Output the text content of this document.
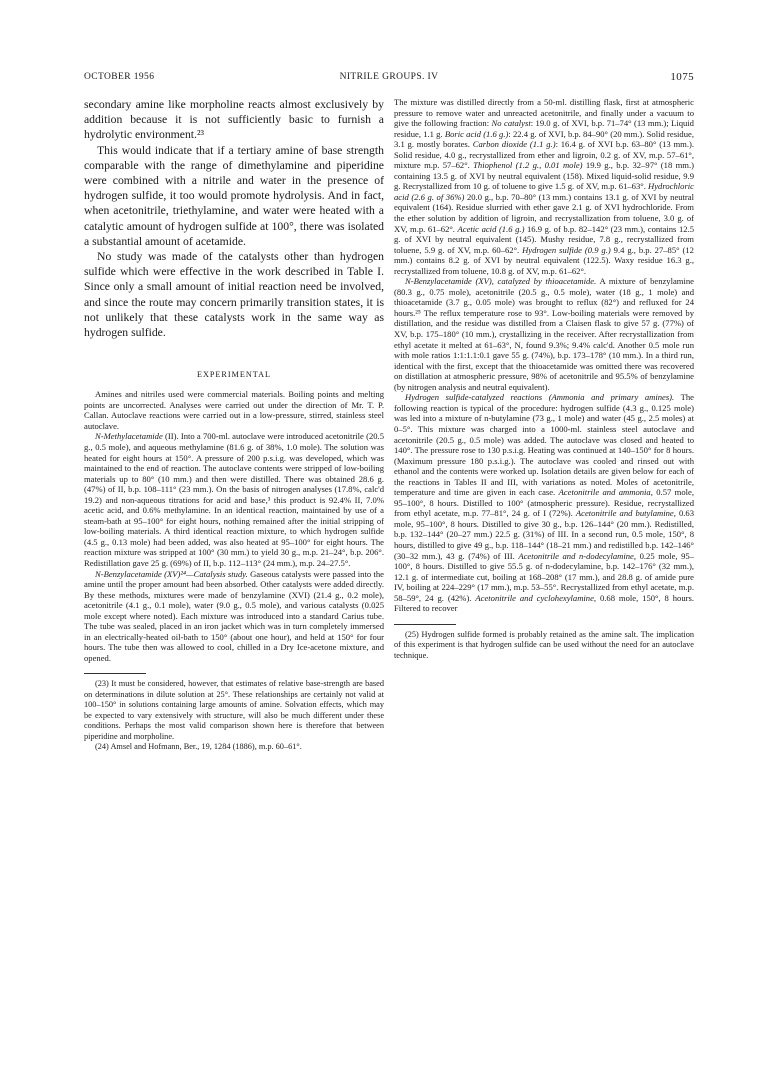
OCTOBER 1956	NITRILE GROUPS. IV	1075

secondary amine like morpholine reacts almost exclusively by addition because it is not sufficiently basic to furnish a hydrolytic environment.²³

This would indicate that if a tertiary amine of base strength comparable with the range of dimethylamine and piperidine were combined with a nitrile and water in the presence of hydrogen sulfide, it too would promote hydrolysis. And in fact, when acetonitrile, triethylamine, and water were heated with a catalytic amount of hydrogen sulfide at 100°, there was isolated a substantial amount of acetamide.

No study was made of the catalysts other than hydrogen sulfide which were effective in the work described in Table I. Since only a small amount of initial reaction need be involved, and since the route may concern primarily transition states, it is not unlikely that these catalysts work in the same way as hydrogen sulfide.

EXPERIMENTAL

Amines and nitriles used were commercial materials. Boiling points and melting points are uncorrected. Analyses were carried out under the direction of Mr. T. P. Callan. Autoclave reactions were carried out in a low-pressure, stirred, stainless steel autoclave.

N-Methylacetamide (II). Into a 700-ml. autoclave were introduced acetonitrile (20.5 g., 0.5 mole), and aqueous methylamine (81.6 g. of 38%, 1.0 mole). The solution was heated for eight hours at 150°. A pressure of 200 p.s.i.g. was developed, which was maintained to the end of reaction. The autoclave contents were stripped of low-boiling materials up to 80° (10 mm.) and then were distilled. There was obtained 28.6 g. (47%) of II, b.p. 108–111° (23 mm.). On the basis of nitrogen analyses (17.8%, calc'd 19.2) and non-aqueous titrations for acid and base,³ this product is 92.4% II, 7.0% acetic acid, and 0.6% methylamine. In an identical reaction, maintained by use of a steam-bath at 95–100° for eight hours, nothing remained after the initial stripping of low-boiling materials. A third identical reaction mixture, to which hydrogen sulfide (4.5 g., 0.13 mole) had been added, was also heated at 95–100° for eight hours. The reaction mixture was stripped at 100° (30 mm.) to yield 30 g., m.p. 21–24°, b.p. 206°. Redistillation gave 25 g. (69%) of II, b.p. 112–113° (24 mm.), m.p. 24–27.5°.

N-Benzylacetamide (XV)²⁴—Catalysis study. Gaseous catalysts were passed into the amine until the proper amount had been absorbed. Other catalysts were added directly. By these methods, mixtures were made of benzylamine (XVI) (21.4 g., 0.2 mole), acetonitrile (4.1 g., 0.1 mole), water (9.0 g., 0.5 mole), and various catalysts (0.025 mole except where noted). Each mixture was introduced into a standard Carius tube. The tube was sealed, placed in an iron jacket which was in turn completely immersed in an electrically-heated oil-bath to 150° (about one hour), and held at 150° for four hours. The tube then was allowed to cool, chilled in a Dry Ice-acetone mixture, and opened.

(23) It must be considered, however, that estimates of relative base-strength are based on determinations in dilute solution at 25°. These relationships are certainly not valid at 100–150° in solutions containing large amounts of amine. Solvation effects, which may be expected to vary extensively with structure, will also be much different under these conditions. Perhaps the most valid comparison shown here is therefore that between piperidine and morpholine.

(24) Amsel and Hofmann, Ber., 19, 1284 (1886), m.p. 60–61°.

The mixture was distilled directly from a 50-ml. distilling flask, first at atmospheric pressure to remove water and unreacted acetonitrile, and finally under a vacuum to give the following fraction: No catalyst: 19.0 g. of XVI, b.p. 71–74° (13 mm.); Liquid residue, 1.1 g. Boric acid (1.6 g.): 22.4 g. of XVI, b.p. 84–90° (20 mm.). Solid residue, 3.1 g. mostly borates. Carbon dioxide (1.1 g.): 16.4 g. of XVI b.p. 63–80° (13 mm.). Solid residue, 4.0 g., recrystallized from ether and ligroin, 0.2 g. of XV, m.p. 57–61°, mixture m.p. 57–62°. Thiophenol (1.2 g., 0.01 mole) 19.9 g., b.p. 32–97° (18 mm.) containing 13.5 g. of XVI by neutral equivalent (158). Mixed liquid-solid residue, 9.9 g. Recrystallized from 10 g. of toluene to give 1.5 g. of XV, m.p. 61–63°. Hydrochloric acid (2.6 g. of 36%) 20.0 g., b.p. 70–80° (13 mm.) contains 13.1 g. of XVI by neutral equivalent (164). Residue slurried with ether gave 2.1 g. of XVI hydrochloride. From the ether solution by addition of ligroin, and recrystallization from toluene, 3.0 g. of XV, m.p. 61–62°. Acetic acid (1.6 g.) 16.9 g. of b.p. 82–142° (23 mm.), contains 12.5 g. of XVI by neutral equivalent (145). Mushy residue, 7.8 g., recrystallized from toluene, 5.9 g. of XV, m.p. 60–62°. Hydrogen sulfide (0.9 g.) 9.4 g., b.p. 27–85° (12 mm.) contains 8.2 g. of XVI by neutral equivalent (122.5). Waxy residue 16.3 g., recrystallized from toluene, 10.8 g. of XV, m.p. 61–62°.

N-Benzylacetamide (XV), catalyzed by thioacetamide. A mixture of benzylamine (80.3 g., 0.75 mole), acetonitrile (20.5 g., 0.5 mole), water (18 g., 1 mole) and thioacetamide (3.7 g., 0.05 mole) was brought to reflux (82°) and refluxed for 24 hours.²⁵ The reflux temperature rose to 93°. Low-boiling materials were removed by distillation, and the residue was distilled from a Claisen flask to give 57 g. (77%) of XV, b.p. 175–180° (10 mm.), crystallizing in the receiver. After recrystallization from ethyl acetate it melted at 61–63°, N, found 9.3%; 9.4% calc'd. Another 0.5 mole run with mole ratios 1:1:1.1:0.1 gave 55 g. (74%), b.p. 173–178° (10 mm.). In a third run, identical with the first, except that the thioacetamide was omitted there was recovered on distillation at atmospheric pressure, 98% of acetonitrile and 95.5% of benzylamine (by nitrogen analysis and neutral equivalent).

Hydrogen sulfide-catalyzed reactions (Ammonia and primary amines). The following reaction is typical of the procedure: hydrogen sulfide (4.3 g., 0.125 mole) was led into a mixture of n-butylamine (73 g., 1 mole) and water (45 g., 2.5 moles) at 0–5°. This mixture was charged into a 1000-ml. stainless steel autoclave and acetonitrile (20.5 g., 0.5 mole) was added. The autoclave was closed and heated to 140°. The pressure rose to 130 p.s.i.g. Heating was continued at 140–150° for 8 hours. (Maximum pressure 180 p.s.i.g.). The autoclave was cooled and rinsed out with ethanol and the contents were worked up. Isolation details are given below for each of the reactions in Tables II and III, with variations as noted. Moles of acetonitrile, temperature and time are given in each case. Acetonitrile and ammonia, 0.57 mole, 95–100°, 8 hours. Distilled to 100° (atmospheric pressure). Residue, recrystallized from ethyl acetate, m.p. 77–81°, 24 g. of I (72%). Acetonitrile and butylamine, 0.63 mole, 95–100°, 8 hours. Distilled to give 30 g., b.p. 126–144° (20 mm.). Redistilled, b.p. 132–144° (20–27 mm.) 22.5 g. (31%) of III. In a second run, 0.5 mole, 150°, 8 hours, distilled to give 49 g., b.p. 118–144° (18–21 mm.) and redistilled b.p. 142–146° (30–32 mm.), 43 g. (74%) of III. Acetonitrile and n-dodecylamine, 0.25 mole, 95–100°, 8 hours. Distilled to give 55.5 g. of n-dodecylamine, b.p. 142–176° (32 mm.), 12.1 g. of intermediate cut, boiling at 168–208° (17 mm.), and 28.8 g. of amide pure IV, boiling at 224–229° (17 mm.), m.p. 53–55°. Recrystallized from ethyl acetate, m.p. 58–59°, 24 g. (42%). Acetonitrile and cyclohexylamine, 0.68 mole, 150°, 8 hours. Filtered to recover

(25) Hydrogen sulfide formed is probably retained as the amine salt. The implication of this experiment is that hydrogen sulfide can be used without the need for an autoclave technique.
